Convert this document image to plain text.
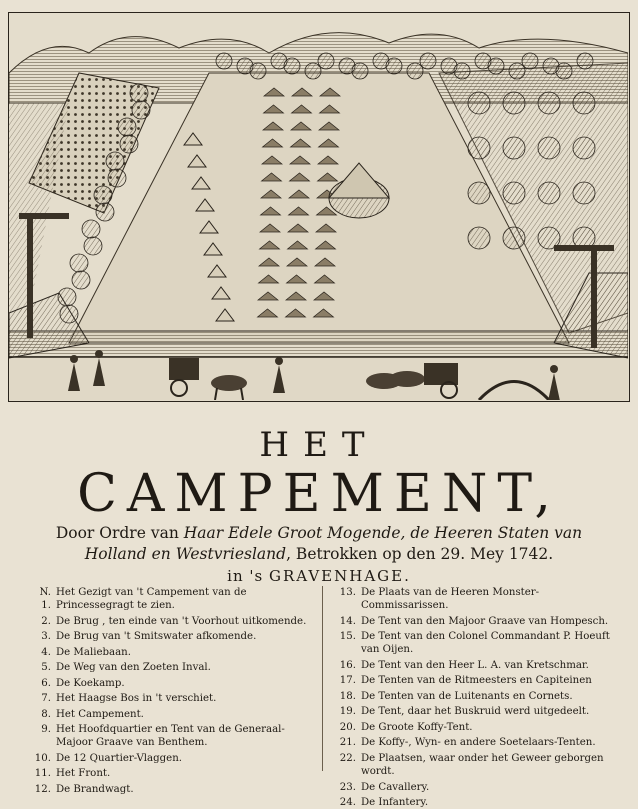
HET

CAMPEMENT,

Door Ordre van Haar Edele Groot Mogende, de Heeren Staten van

Holland en Westvriesland, Betrokken op den 29. Mey 1742.

in 's GRAVENHAGE.

N. 1.
Het Gezigt van 't Campement van de Princessegragt te zien.
2. De Brug , ten einde van 't Voorhout uitkomende.
3. De Brug van 't Smitswater afkomende.
4. De Maliebaan.
5. De Weg van den Zoeten Inval.
6. De Koekamp.
7. Het Haagse Bos in 't verschiet.
8. Het Campement.
9. Het Hoofdquartier en Tent van de Generaal-Majoor Graave van Benthem.
10. De 12 Quartier-Vlaggen.
11. Het Front.
12. De Brandwagt.
13. De Plaats van de Heeren Monster-Commissarissen.
14. De Tent van den Majoor Graave van Hompesch.
15. De Tent van den Colonel Commandant P. Hoeuft van Oijen.
16. De Tent van den Heer L. A. van Kretschmar.
17. De Tenten van de Ritmeesters en Capiteinen
18. De Tenten van de Luitenants en Cornets.
19. De Tent, daar het Buskruid werd uitgedeelt.
20. De Groote Koffy-Tent.
21. De Koffy-, Wyn- en andere Soetelaars-Tenten.
22. De Plaatsen, waar onder het Geweer geborgen wordt.
23. De Cavallery.
24. De Infantery.
